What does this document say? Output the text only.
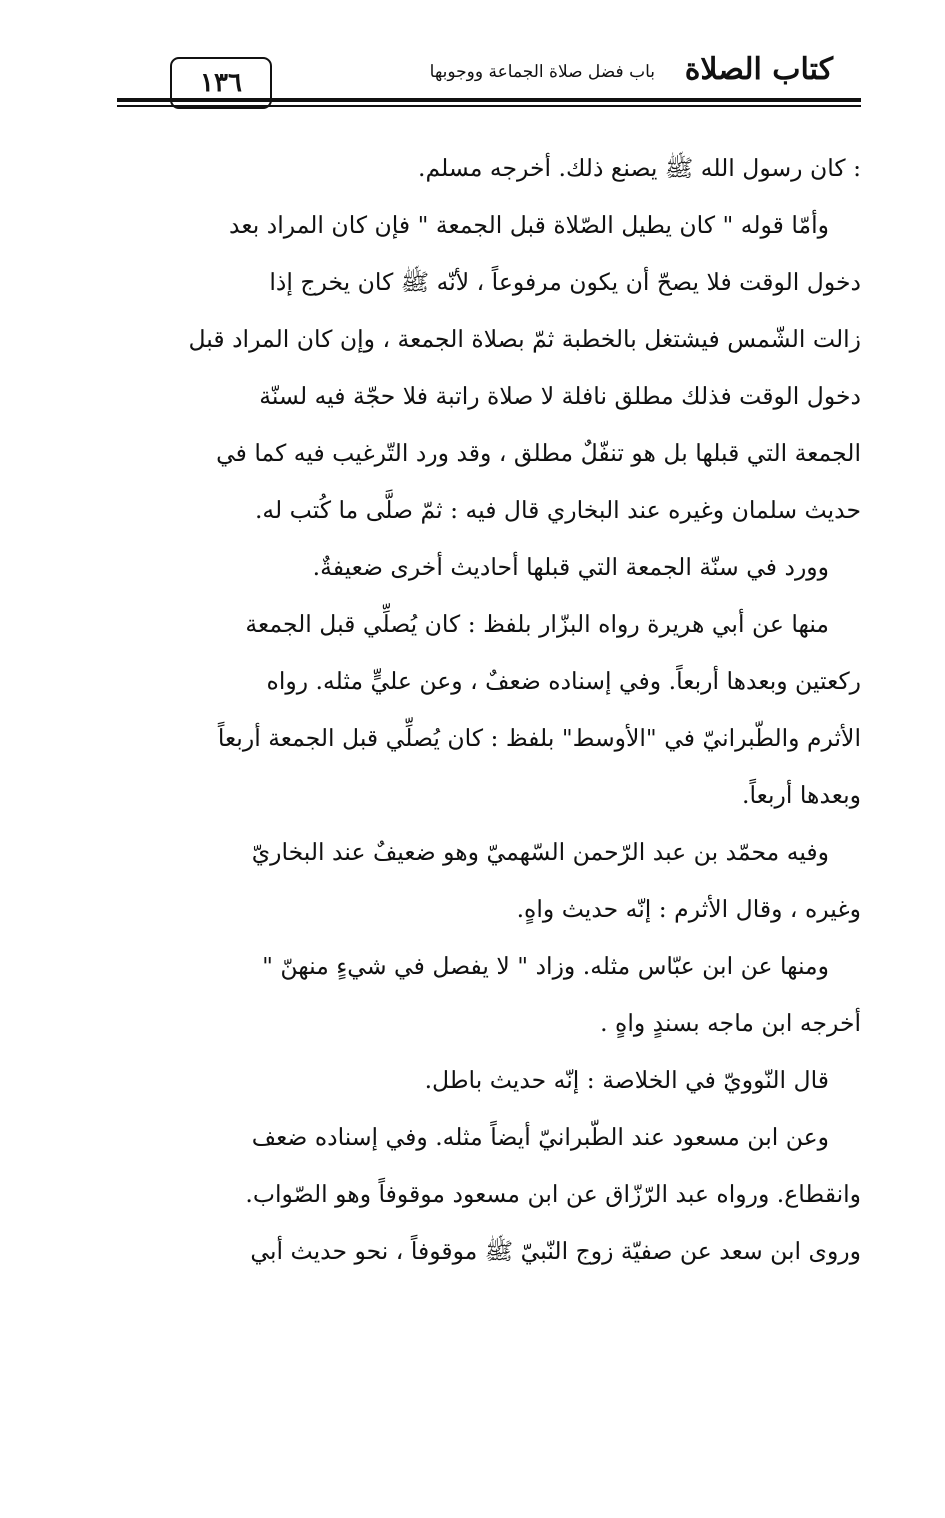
كتاب الصلاة
باب فضل صلاة الجماعة ووجوبها
١٣٦
: كان رسول الله ﷺ يصنع ذلك. أخرجه مسلم.
وأمّا قوله " كان يطيل الصّلاة قبل الجمعة " فإن كان المراد بعد
دخول الوقت فلا يصحّ أن يكون مرفوعاً ، لأنّه ﷺ كان يخرج إذا
زالت الشّمس فيشتغل بالخطبة ثمّ بصلاة الجمعة ، وإن كان المراد قبل
دخول الوقت فذلك مطلق نافلة لا صلاة راتبة فلا حجّة فيه لسنّة
الجمعة التي قبلها بل هو تنفّلٌ مطلق ، وقد ورد التّرغيب فيه كما في
حديث سلمان وغيره عند البخاري قال فيه : ثمّ صلَّى ما كُتب له.
وورد في سنّة الجمعة التي قبلها أحاديث أخرى ضعيفةٌ.
منها عن أبي هريرة رواه البزّار بلفظ : كان يُصلِّي قبل الجمعة
ركعتين وبعدها أربعاً. وفي إسناده ضعفٌ ، وعن عليٍّ مثله. رواه
الأثرم والطّبرانيّ في "الأوسط" بلفظ : كان يُصلِّي قبل الجمعة أربعاً
وبعدها أربعاً.
وفيه محمّد بن عبد الرّحمن السّهميّ وهو ضعيفٌ عند البخاريّ
وغيره ، وقال الأثرم : إنّه حديث واهٍ.
ومنها عن ابن عبّاس مثله. وزاد " لا يفصل في شيءٍ منهنّ "
أخرجه ابن ماجه بسندٍ واهٍ .
قال النّوويّ في الخلاصة : إنّه حديث باطل.
وعن ابن مسعود عند الطّبرانيّ أيضاً مثله. وفي إسناده ضعف
وانقطاع. ورواه عبد الرّزّاق عن ابن مسعود موقوفاً وهو الصّواب.
وروى ابن سعد عن صفيّة زوج النّبيّ ﷺ موقوفاً ، نحو حديث أبي
